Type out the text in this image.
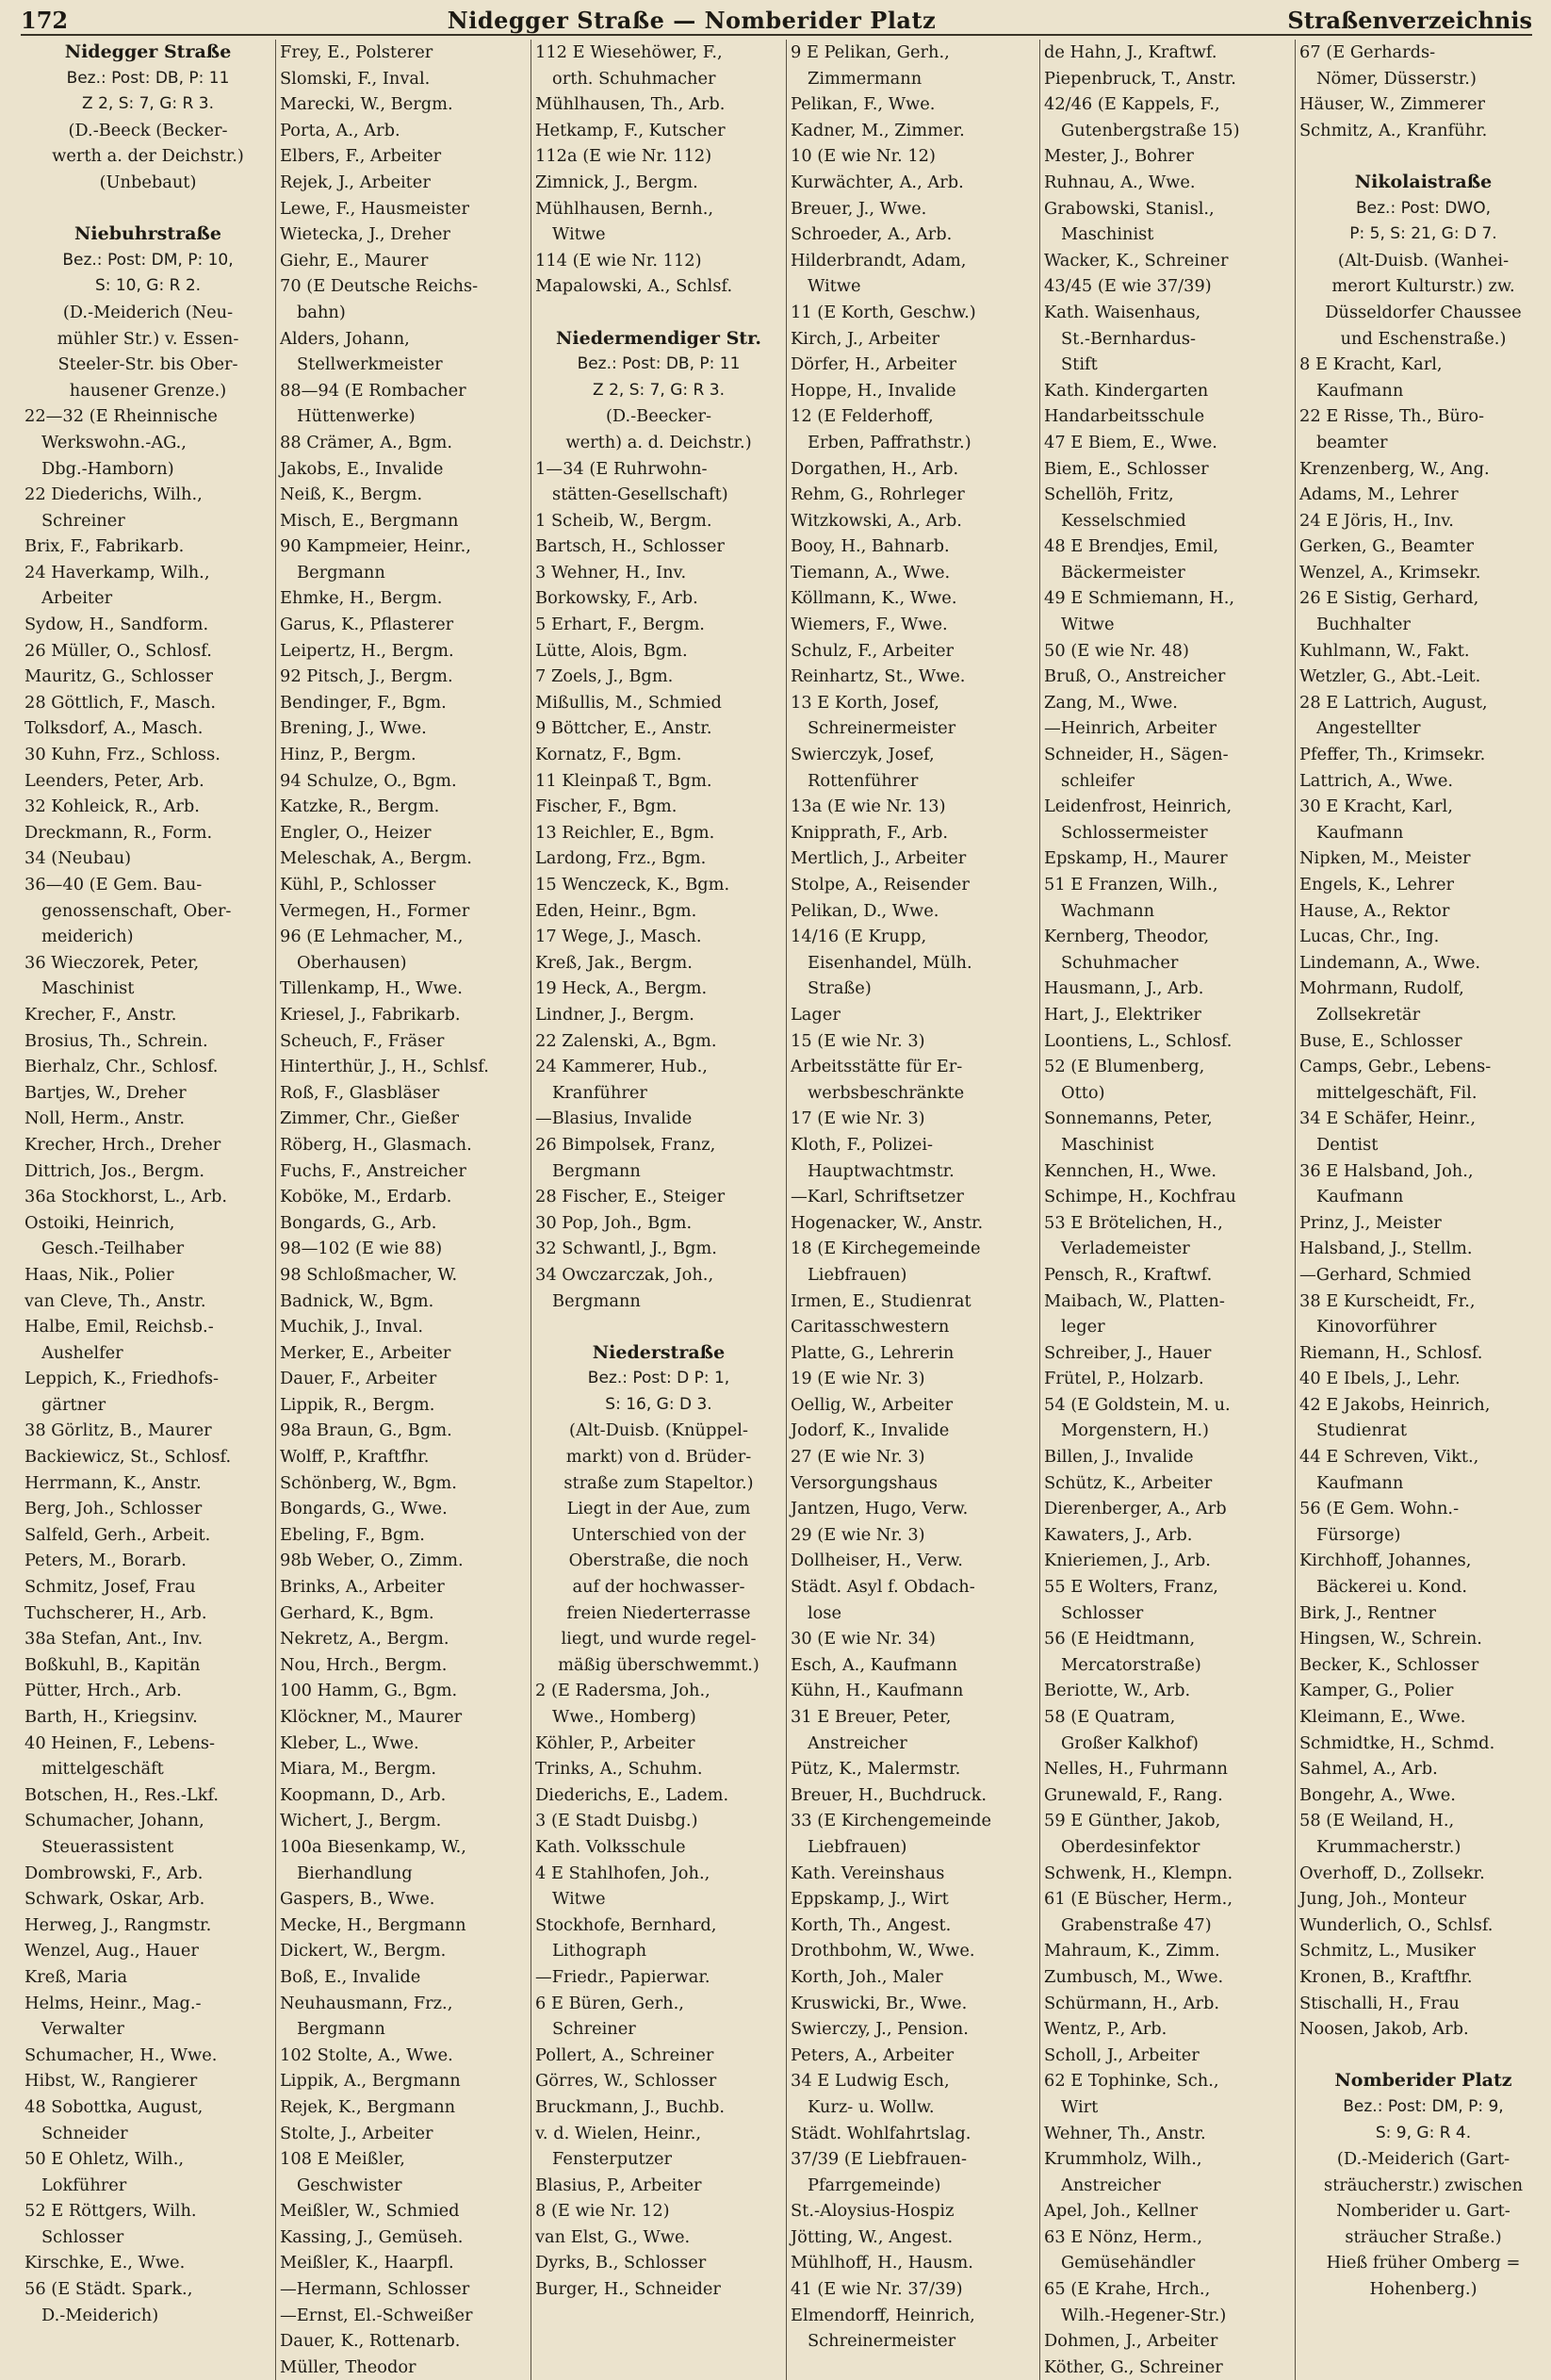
172	Nidegger Straße — Nomberider Platz	Straßenverzeichnis
Nidegger Straße
Bez.: Post: DB, P: 11
Z 2, S: 7, G: R 3.
(D.-Beeck (Becker-
werth a. der Deichstr.)
(Unbebaut)
Niebuhrstraße
Bez.: Post: DM, P: 10,
S: 10, G: R 2.
(D.-Meiderich (Neu-
mühler Str.) v. Essen-
Steeler-Str. bis Ober-
hausener Grenze.)
22—32 (E Rheinnische
Werkswohn.-AG.,
Dbg.-Hamborn)
22 Diederichs, Wilh.,
Schreiner
Brix, F., Fabrikarb.
24 Haverkamp, Wilh.,
Arbeiter
Sydow, H., Sandform.
26 Müller, O., Schlosf.
Mauritz, G., Schlosser
28 Göttlich, F., Masch.
Tolksdorf, A., Masch.
30 Kuhn, Frz., Schloss.
Leenders, Peter, Arb.
32 Kohleick, R., Arb.
Dreckmann, R., Form.
34 (Neubau)
36—40 (E Gem. Bau-
genossenschaft, Ober-
meiderich)
36 Wieczorek, Peter,
Maschinist
Krecher, F., Anstr.
Brosius, Th., Schrein.
Bierhalz, Chr., Schlosf.
Bartjes, W., Dreher
Noll, Herm., Anstr.
Krecher, Hrch., Dreher
Dittrich, Jos., Bergm.
36a Stockhorst, L., Arb.
Ostoiki, Heinrich,
Gesch.-Teilhaber
Haas, Nik., Polier
van Cleve, Th., Anstr.
Halbe, Emil, Reichsb.-
Aushelfer
Leppich, K., Friedhofs-
gärtner
38 Görlitz, B., Maurer
Backiewicz, St., Schlosf.
Herrmann, K., Anstr.
Berg, Joh., Schlosser
Salfeld, Gerh., Arbeit.
Peters, M., Borarb.
Schmitz, Josef, Frau
Tuchscherer, H., Arb.
38a Stefan, Ant., Inv.
Boßkuhl, B., Kapitän
Pütter, Hrch., Arb.
Barth, H., Kriegsinv.
40 Heinen, F., Lebens-
mittelgeschäft
Botschen, H., Res.-Lkf.
Schumacher, Johann,
Steuerassistent
Dombrowski, F., Arb.
Schwark, Oskar, Arb.
Herweg, J., Rangmstr.
Wenzel, Aug., Hauer
Kreß, Maria
Helms, Heinr., Mag.-
Verwalter
Schumacher, H., Wwe.
Hibst, W., Rangierer
48 Sobottka, August,
Schneider
50 E Ohletz, Wilh.,
Lokführer
52 E Röttgers, Wilh.
Schlosser
Kirschke, E., Wwe.
56 (E Städt. Spark.,
D.-Meiderich)
Frey, E., Polsterer
Slomski, F., Inval.
Marecki, W., Bergm.
Porta, A., Arb.
Elbers, F., Arbeiter
Rejek, J., Arbeiter
Lewe, F., Hausmeister
Wietecka, J., Dreher
Giehr, E., Maurer
70 (E Deutsche Reichs-
bahn)
Alders, Johann,
Stellwerkmeister
88—94 (E Rombacher
Hüttenwerke)
88 Crämer, A., Bgm.
Jakobs, E., Invalide
Neiß, K., Bergm.
Misch, E., Bergmann
90 Kampmeier, Heinr.,
Bergmann
Ehmke, H., Bergm.
Garus, K., Pflasterer
Leipertz, H., Bergm.
92 Pitsch, J., Bergm.
Bendinger, F., Bgm.
Brening, J., Wwe.
Hinz, P., Bergm.
94 Schulze, O., Bgm.
Katzke, R., Bergm.
Engler, O., Heizer
Meleschak, A., Bergm.
Kühl, P., Schlosser
Vermegen, H., Former
96 (E Lehmacher, M.,
Oberhausen)
Tillenkamp, H., Wwe.
Kriesel, J., Fabrikarb.
Scheuch, F., Fräser
Hinterthür, J., H., Schlsf.
Roß, F., Glasbläser
Zimmer, Chr., Gießer
Röberg, H., Glasmach.
Fuchs, F., Anstreicher
Koböke, M., Erdarb.
Bongards, G., Arb.
98—102 (E wie 88)
98 Schloßmacher, W.
Badnick, W., Bgm.
Muchik, J., Inval.
Merker, E., Arbeiter
Dauer, F., Arbeiter
Lippik, R., Bergm.
98a Braun, G., Bgm.
Wolff, P., Kraftfhr.
Schönberg, W., Bgm.
Bongards, G., Wwe.
Ebeling, F., Bgm.
98b Weber, O., Zimm.
Brinks, A., Arbeiter
Gerhard, K., Bgm.
Nekretz, A., Bergm.
Nou, Hrch., Bergm.
100 Hamm, G., Bgm.
Klöckner, M., Maurer
Kleber, L., Wwe.
Miara, M., Bergm.
Koopmann, D., Arb.
Wichert, J., Bergm.
100a Biesenkamp, W.,
Bierhandlung
Gaspers, B., Wwe.
Mecke, H., Bergmann
Dickert, W., Bergm.
Boß, E., Invalide
Neuhausmann, Frz.,
Bergmann
102 Stolte, A., Wwe.
Lippik, A., Bergmann
Rejek, K., Bergmann
Stolte, J., Arbeiter
108 E Meißler,
Geschwister
Meißler, W., Schmied
Kassing, J., Gemüseh.
Meißler, K., Haarpfl.
—Hermann, Schlosser
—Ernst, El.-Schweißer
Dauer, K., Rottenarb.
Müller, Theodor
112 E Wiesehöwer, F.,
orth. Schuhmacher
Mühlhausen, Th., Arb.
Hetkamp, F., Kutscher
112a (E wie Nr. 112)
Zimnick, J., Bergm.
Mühlhausen, Bernh.,
Witwe
114 (E wie Nr. 112)
Mapalowski, A., Schlsf.
Niedermendiger Str.
Bez.: Post: DB, P: 11
Z 2, S: 7, G: R 3.
(D.-Beecker-
werth) a. d. Deichstr.)
1—34 (E Ruhrwohn-
stätten-Gesellschaft)
1 Scheib, W., Bergm.
Bartsch, H., Schlosser
3 Wehner, H., Inv.
Borkowsky, F., Arb.
5 Erhart, F., Bergm.
Lütte, Alois, Bgm.
7 Zoels, J., Bgm.
Mißullis, M., Schmied
9 Böttcher, E., Anstr.
Kornatz, F., Bgm.
11 Kleinpaß T., Bgm.
Fischer, F., Bgm.
13 Reichler, E., Bgm.
Lardong, Frz., Bgm.
15 Wenczeck, K., Bgm.
Eden, Heinr., Bgm.
17 Wege, J., Masch.
Kreß, Jak., Bergm.
19 Heck, A., Bergm.
Lindner, J., Bergm.
22 Zalenski, A., Bgm.
24 Kammerer, Hub.,
Kranführer
—Blasius, Invalide
26 Bimpolsek, Franz,
Bergmann
28 Fischer, E., Steiger
30 Pop, Joh., Bgm.
32 Schwantl, J., Bgm.
34 Owczarczak, Joh.,
Bergmann
Niederstraße
Bez.: Post: D P: 1,
S: 16, G: D 3.
(Alt-Duisb. (Knüppel-
markt) von d. Brüder-
straße zum Stapeltor.)
Liegt in der Aue, zum
Unterschied von der
Oberstraße, die noch
auf der hochwasser-
freien Niederterrasse
liegt, und wurde regel-
mäßig überschwemmt.)
2 (E Radersma, Joh.,
Wwe., Homberg)
Köhler, P., Arbeiter
Trinks, A., Schuhm.
Diederichs, E., Ladem.
3 (E Stadt Duisbg.)
Kath. Volksschule
4 E Stahlhofen, Joh.,
Witwe
Stockhofe, Bernhard,
Lithograph
—Friedr., Papierwar.
6 E Büren, Gerh.,
Schreiner
Pollert, A., Schreiner
Görres, W., Schlosser
Bruckmann, J., Buchb.
v. d. Wielen, Heinr.,
Fensterputzer
Blasius, P., Arbeiter
8 (E wie Nr. 12)
van Elst, G., Wwe.
Dyrks, B., Schlosser
Burger, H., Schneider
9 E Pelikan, Gerh.,
Zimmermann
Pelikan, F., Wwe.
Kadner, M., Zimmer.
10 (E wie Nr. 12)
Kurwächter, A., Arb.
Breuer, J., Wwe.
Schroeder, A., Arb.
Hilderbrandt, Adam,
Witwe
11 (E Korth, Geschw.)
Kirch, J., Arbeiter
Dörfer, H., Arbeiter
Hoppe, H., Invalide
12 (E Felderhoff,
Erben, Paffrathstr.)
Dorgathen, H., Arb.
Rehm, G., Rohrleger
Witzkowski, A., Arb.
Booy, H., Bahnarb.
Tiemann, A., Wwe.
Köllmann, K., Wwe.
Wiemers, F., Wwe.
Schulz, F., Arbeiter
Reinhartz, St., Wwe.
13 E Korth, Josef,
Schreinermeister
Swierczyk, Josef,
Rottenführer
13a (E wie Nr. 13)
Knipprath, F., Arb.
Mertlich, J., Arbeiter
Stolpe, A., Reisender
Pelikan, D., Wwe.
14/16 (E Krupp,
Eisenhandel, Mülh.
Straße)
Lager
15 (E wie Nr. 3)
Arbeitsstätte für Er-
werbsbeschränkte
17 (E wie Nr. 3)
Kloth, F., Polizei-
Hauptwachtmstr.
—Karl, Schriftsetzer
Hogenacker, W., Anstr.
18 (E Kirchegemeinde
Liebfrauen)
Irmen, E., Studienrat
Caritasschwestern
Platte, G., Lehrerin
19 (E wie Nr. 3)
Oellig, W., Arbeiter
Jodorf, K., Invalide
27 (E wie Nr. 3)
Versorgungshaus
Jantzen, Hugo, Verw.
29 (E wie Nr. 3)
Dollheiser, H., Verw.
Städt. Asyl f. Obdach-
lose
30 (E wie Nr. 34)
Esch, A., Kaufmann
Kühn, H., Kaufmann
31 E Breuer, Peter,
Anstreicher
Pütz, K., Malermstr.
Breuer, H., Buchdruck.
33 (E Kirchengemeinde
Liebfrauen)
Kath. Vereinshaus
Eppskamp, J., Wirt
Korth, Th., Angest.
Drothbohm, W., Wwe.
Korth, Joh., Maler
Kruswicki, Br., Wwe.
Swierczy, J., Pension.
Peters, A., Arbeiter
34 E Ludwig Esch,
Kurz- u. Wollw.
Städt. Wohlfahrtslag.
37/39 (E Liebfrauen-
Pfarrgemeinde)
St.-Aloysius-Hospiz
Jötting, W., Angest.
Mühlhoff, H., Hausm.
41 (E wie Nr. 37/39)
Elmendorff, Heinrich,
Schreinermeister
de Hahn, J., Kraftwf.
Piepenbruck, T., Anstr.
42/46 (E Kappels, F.,
Gutenbergstraße 15)
Mester, J., Bohrer
Ruhnau, A., Wwe.
Grabowski, Stanisl.,
Maschinist
Wacker, K., Schreiner
43/45 (E wie 37/39)
Kath. Waisenhaus,
St.-Bernhardus-
Stift
Kath. Kindergarten
Handarbeitsschule
47 E Biem, E., Wwe.
Biem, E., Schlosser
Schellöh, Fritz,
Kesselschmied
48 E Brendjes, Emil,
Bäckermeister
49 E Schmiemann, H.,
Witwe
50 (E wie Nr. 48)
Bruß, O., Anstreicher
Zang, M., Wwe.
—Heinrich, Arbeiter
Schneider, H., Sägen-
schleifer
Leidenfrost, Heinrich,
Schlossermeister
Epskamp, H., Maurer
51 E Franzen, Wilh.,
Wachmann
Kernberg, Theodor,
Schuhmacher
Hausmann, J., Arb.
Hart, J., Elektriker
Loontiens, L., Schlosf.
52 (E Blumenberg,
Otto)
Sonnemanns, Peter,
Maschinist
Kennchen, H., Wwe.
Schimpe, H., Kochfrau
53 E Brötelichen, H.,
Verlademeister
Pensch, R., Kraftwf.
Maibach, W., Platten-
leger
Schreiber, J., Hauer
Frütel, P., Holzarb.
54 (E Goldstein, M. u.
Morgenstern, H.)
Billen, J., Invalide
Schütz, K., Arbeiter
Dierenberger, A., Arb
Kawaters, J., Arb.
Knieriemen, J., Arb.
55 E Wolters, Franz,
Schlosser
56 (E Heidtmann,
Mercatorstraße)
Beriotte, W., Arb.
58 (E Quatram,
Großer Kalkhof)
Nelles, H., Fuhrmann
Grunewald, F., Rang.
59 E Günther, Jakob,
Oberdesinfektor
Schwenk, H., Klempn.
61 (E Büscher, Herm.,
Grabenstraße 47)
Mahraum, K., Zimm.
Zumbusch, M., Wwe.
Schürmann, H., Arb.
Wentz, P., Arb.
Scholl, J., Arbeiter
62 E Tophinke, Sch.,
Wirt
Wehner, Th., Anstr.
Krummholz, Wilh.,
Anstreicher
Apel, Joh., Kellner
63 E Nönz, Herm.,
Gemüsehändler
65 (E Krahe, Hrch.,
Wilh.-Hegener-Str.)
Dohmen, J., Arbeiter
Köther, G., Schreiner
67 (E Gerhards-
Nömer, Düsserstr.)
Häuser, W., Zimmerer
Schmitz, A., Kranführ.
Nikolaistraße
Bez.: Post: DWO,
P: 5, S: 21, G: D 7.
(Alt-Duisb. (Wanhei-
merort Kulturstr.) zw.
Düsseldorfer Chaussee
und Eschenstraße.)
8 E Kracht, Karl,
Kaufmann
22 E Risse, Th., Büro-
beamter
Krenzenberg, W., Ang.
Adams, M., Lehrer
24 E Jöris, H., Inv.
Gerken, G., Beamter
Wenzel, A., Krimsekr.
26 E Sistig, Gerhard,
Buchhalter
Kuhlmann, W., Fakt.
Wetzler, G., Abt.-Leit.
28 E Lattrich, August,
Angestellter
Pfeffer, Th., Krimsekr.
Lattrich, A., Wwe.
30 E Kracht, Karl,
Kaufmann
Nipken, M., Meister
Engels, K., Lehrer
Hause, A., Rektor
Lucas, Chr., Ing.
Lindemann, A., Wwe.
Mohrmann, Rudolf,
Zollsekretär
Buse, E., Schlosser
Camps, Gebr., Lebens-
mittelgeschäft, Fil.
34 E Schäfer, Heinr.,
Dentist
36 E Halsband, Joh.,
Kaufmann
Prinz, J., Meister
Halsband, J., Stellm.
—Gerhard, Schmied
38 E Kurscheidt, Fr.,
Kinovorführer
Riemann, H., Schlosf.
40 E Ibels, J., Lehr.
42 E Jakobs, Heinrich,
Studienrat
44 E Schreven, Vikt.,
Kaufmann
56 (E Gem. Wohn.-
Fürsorge)
Kirchhoff, Johannes,
Bäckerei u. Kond.
Birk, J., Rentner
Hingsen, W., Schrein.
Becker, K., Schlosser
Kamper, G., Polier
Kleimann, E., Wwe.
Schmidtke, H., Schmd.
Sahmel, A., Arb.
Bongehr, A., Wwe.
58 (E Weiland, H.,
Krummacherstr.)
Overhoff, D., Zollsekr.
Jung, Joh., Monteur
Wunderlich, O., Schlsf.
Schmitz, L., Musiker
Kronen, B., Kraftfhr.
Stischalli, H., Frau
Noosen, Jakob, Arb.
Nomberider Platz
Bez.: Post: DM, P: 9,
S: 9, G: R 4.
(D.-Meiderich (Gart-
sträucherstr.) zwischen
Nomberider u. Gart-
sträucher Straße.)
Hieß früher Omberg =
Hohenberg.)
